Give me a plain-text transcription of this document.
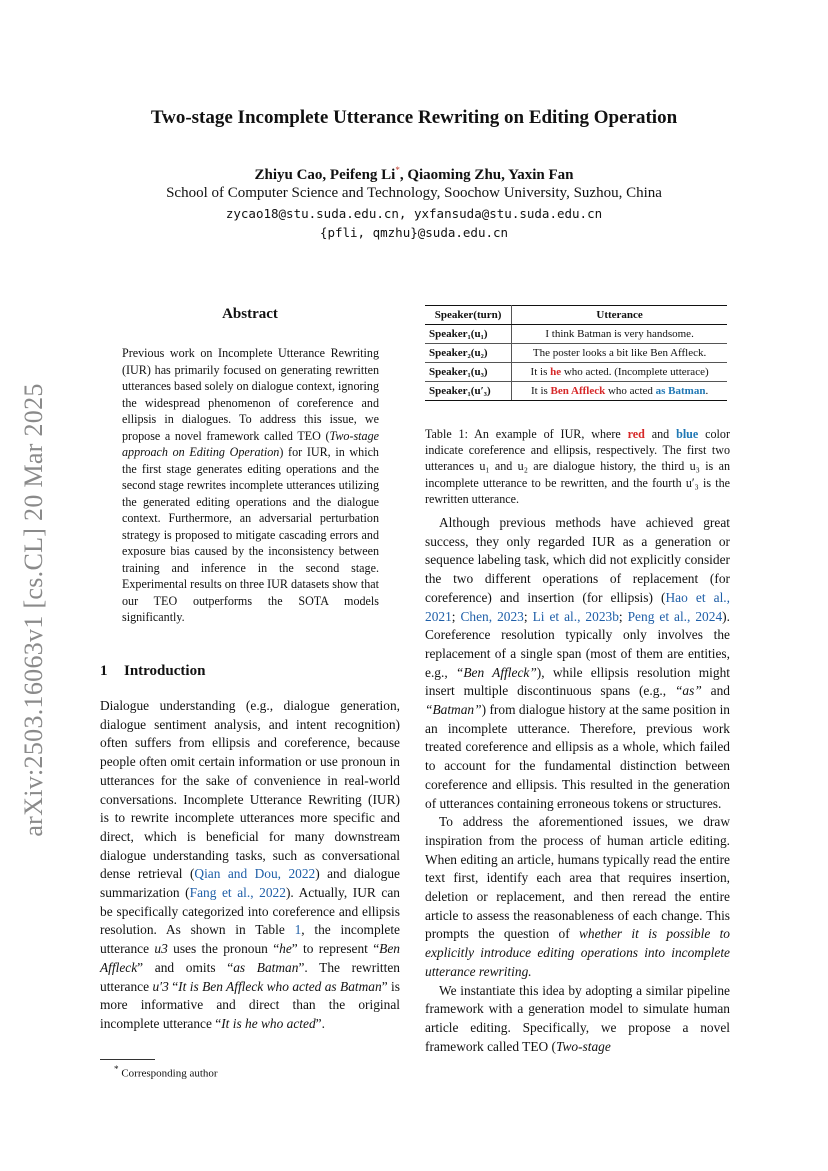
arXiv:2503.16063v1 [cs.CL] 20 Mar 2025
Two-stage Incomplete Utterance Rewriting on Editing Operation
Zhiyu Cao, Peifeng Li*, Qiaoming Zhu, Yaxin Fan
School of Computer Science and Technology, Soochow University, Suzhou, China
zycao18@stu.suda.edu.cn, yxfansuda@stu.suda.edu.cn
{pfli, qmzhu}@suda.edu.cn
Abstract
Previous work on Incomplete Utterance Rewriting (IUR) has primarily focused on generating rewritten utterances based solely on dialogue context, ignoring the widespread phenomenon of coreference and ellipsis in dialogues. To address this issue, we propose a novel framework called TEO (Two-stage approach on Editing Operation) for IUR, in which the first stage generates editing operations and the second stage rewrites incomplete utterances utilizing the generated editing operations and the dialogue context. Furthermore, an adversarial perturbation strategy is proposed to mitigate cascading errors and exposure bias caused by the inconsistency between training and inference in the second stage. Experimental results on three IUR datasets show that our TEO outperforms the SOTA models significantly.
1 Introduction
Dialogue understanding (e.g., dialogue generation, dialogue sentiment analysis, and intent recognition) often suffers from ellipsis and coreference, because people often omit certain information or use pronoun in utterances for the sake of convenience in real-world conversations. Incomplete Utterance Rewriting (IUR) is to rewrite incomplete utterances more specific and direct, which is beneficial for many downstream dialogue understanding tasks, such as conversational dense retrieval (Qian and Dou, 2022) and dialogue summarization (Fang et al., 2022). Actually, IUR can be specifically categorized into coreference and ellipsis resolution. As shown in Table 1, the incomplete utterance u3 uses the pronoun “he” to represent “Ben Affleck” and omits “as Batman”. The rewritten utterance u′3 “It is Ben Affleck who acted as Batman” is more informative and direct than the original incomplete utterance “It is he who acted”.
* Corresponding author
Speaker(turn)	Utterance
Speaker₁(u₁)	I think Batman is very handsome.
Speaker₂(u₂)	The poster looks a bit like Ben Affleck.
Speaker₁(u₃)	It is he who acted. (Incomplete utterace)
Speaker₁(u′₃)	It is Ben Affleck who acted as Batman.
Table 1: An example of IUR, where red and blue color indicate coreference and ellipsis, respectively. The first two utterances u₁ and u₂ are dialogue history, the third u₃ is an incomplete utterance to be rewritten, and the fourth u′₃ is the rewritten utterance.

Although previous methods have achieved great success, they only regarded IUR as a generation or sequence labeling task, which did not explicitly consider the two different operations of replacement (for coreference) and insertion (for ellipsis) (Hao et al., 2021; Chen, 2023; Li et al., 2023b; Peng et al., 2024). Coreference resolution typically only involves the replacement of a single span (most of them are entities, e.g., “Ben Affleck”), while ellipsis resolution might insert multiple discontinuous spans (e.g., “as” and “Batman”) from dialogue history at the same position in an incomplete utterance. Therefore, previous work treated coreference and ellipsis as a whole, which failed to account for the fundamental distinction between coreference and ellipsis. This resulted in the generation of utterances containing erroneous tokens or structures.

To address the aforementioned issues, we draw inspiration from the process of human article editing. When editing an article, humans typically read the entire text first, identify each area that requires insertion, deletion or replacement, and then reread the entire article to assess the reasonableness of each change. This prompts the question of whether it is possible to explicitly introduce editing operations into incomplete utterance rewriting.

We instantiate this idea by adopting a similar pipeline framework with a generation model to simulate human article editing. Specifically, we propose a novel framework called TEO (Two-stage
